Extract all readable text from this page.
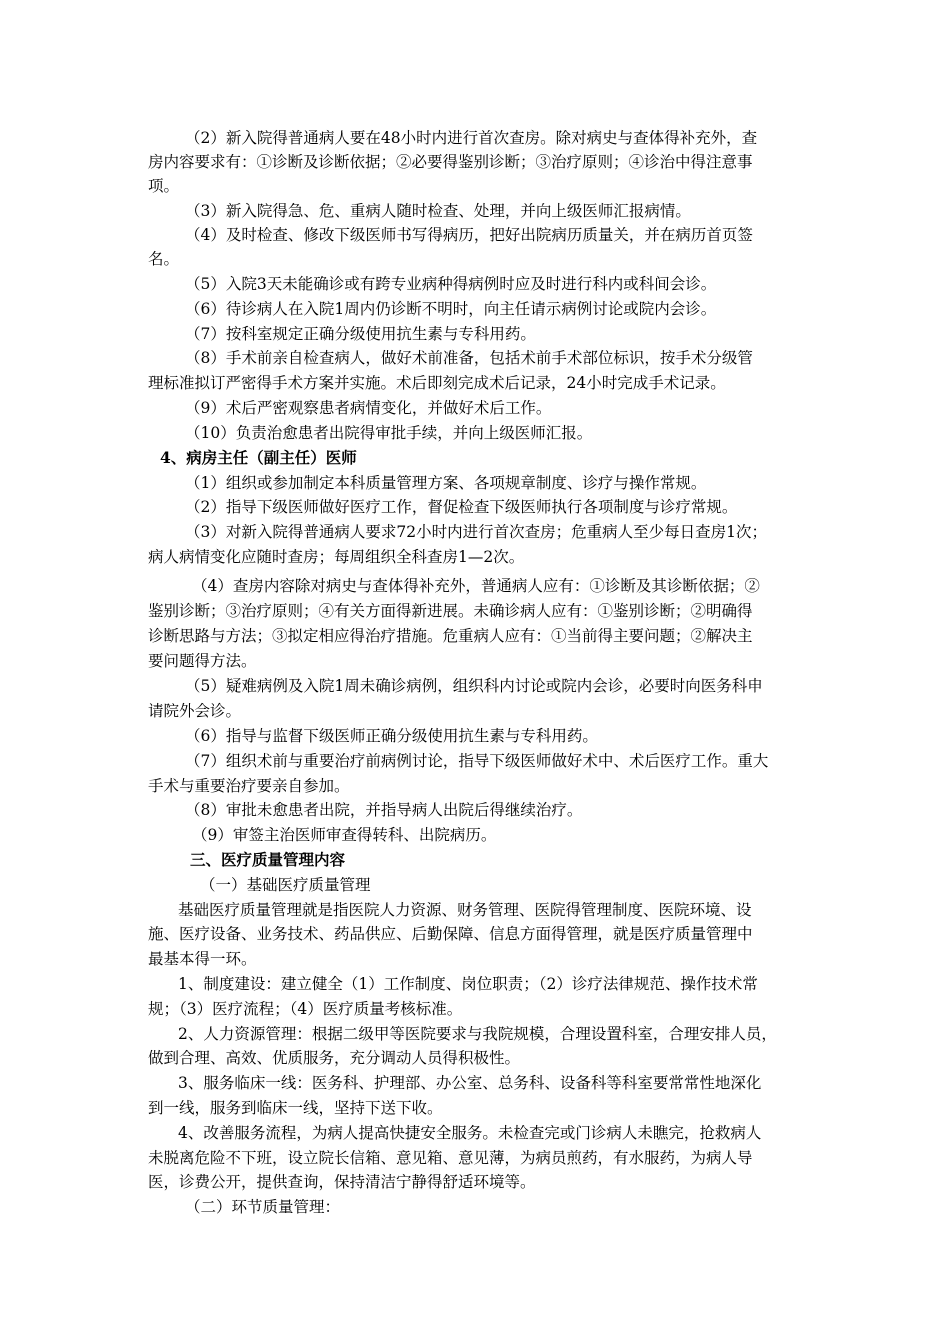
（2）新入院得普通病人要在48小时内进行首次查房。除对病史与查体得补充外，查
房内容要求有：①诊断及诊断依据；②必要得鉴别诊断；③治疗原则；④诊治中得注意事
项。
（3）新入院得急、危、重病人随时检查、处理，并向上级医师汇报病情。
（4）及时检查、修改下级医师书写得病历，把好出院病历质量关，并在病历首页签
名。
（5）入院3天未能确诊或有跨专业病种得病例时应及时进行科内或科间会诊。
（6）待诊病人在入院1周内仍诊断不明时，向主任请示病例讨论或院内会诊。
（7）按科室规定正确分级使用抗生素与专科用药。
（8）手术前亲自检查病人，做好术前准备，包括术前手术部位标识，按手术分级管
理标准拟订严密得手术方案并实施。术后即刻完成术后记录，24小时完成手术记录。
（9）术后严密观察患者病情变化，并做好术后工作。
（10）负责治愈患者出院得审批手续，并向上级医师汇报。
4、病房主任（副主任）医师
（1）组织或参加制定本科质量管理方案、各项规章制度、诊疗与操作常规。
（2）指导下级医师做好医疗工作，督促检查下级医师执行各项制度与诊疗常规。
（3）对新入院得普通病人要求72小时内进行首次查房；危重病人至少每日查房1次；
病人病情变化应随时查房；每周组织全科查房1—2次。
（4）查房内容除对病史与查体得补充外，普通病人应有：①诊断及其诊断依据；②
鉴别诊断；③治疗原则；④有关方面得新进展。未确诊病人应有：①鉴别诊断；②明确得
诊断思路与方法；③拟定相应得治疗措施。危重病人应有：①当前得主要问题；②解决主
要问题得方法。
（5）疑难病例及入院1周未确诊病例，组织科内讨论或院内会诊，必要时向医务科申
请院外会诊。
（6）指导与监督下级医师正确分级使用抗生素与专科用药。
（7）组织术前与重要治疗前病例讨论，指导下级医师做好术中、术后医疗工作。重大
手术与重要治疗要亲自参加。
（8）审批未愈患者出院，并指导病人出院后得继续治疗。
（9）审签主治医师审查得转科、出院病历。
三、医疗质量管理内容
（一）基础医疗质量管理
基础医疗质量管理就是指医院人力资源、财务管理、医院得管理制度、医院环境、设
施、医疗设备、业务技术、药品供应、后勤保障、信息方面得管理，就是医疗质量管理中
最基本得一环。
1、制度建设：建立健全（1）工作制度、岗位职责；（2）诊疗法律规范、操作技术常
规；（3）医疗流程；（4）医疗质量考核标准。
2、人力资源管理：根据二级甲等医院要求与我院规模，合理设置科室，合理安排人员，
做到合理、高效、优质服务，充分调动人员得积极性。
3、服务临床一线：医务科、护理部、办公室、总务科、设备科等科室要常常性地深化
到一线，服务到临床一线，坚持下送下收。
4、改善服务流程，为病人提高快捷安全服务。未检查完或门诊病人未瞧完，抢救病人
未脱离危险不下班，设立院长信箱、意见箱、意见薄，为病员煎药，有水服药，为病人导
医，诊费公开，提供查询，保持清洁宁静得舒适环境等。
（二）环节质量管理：
